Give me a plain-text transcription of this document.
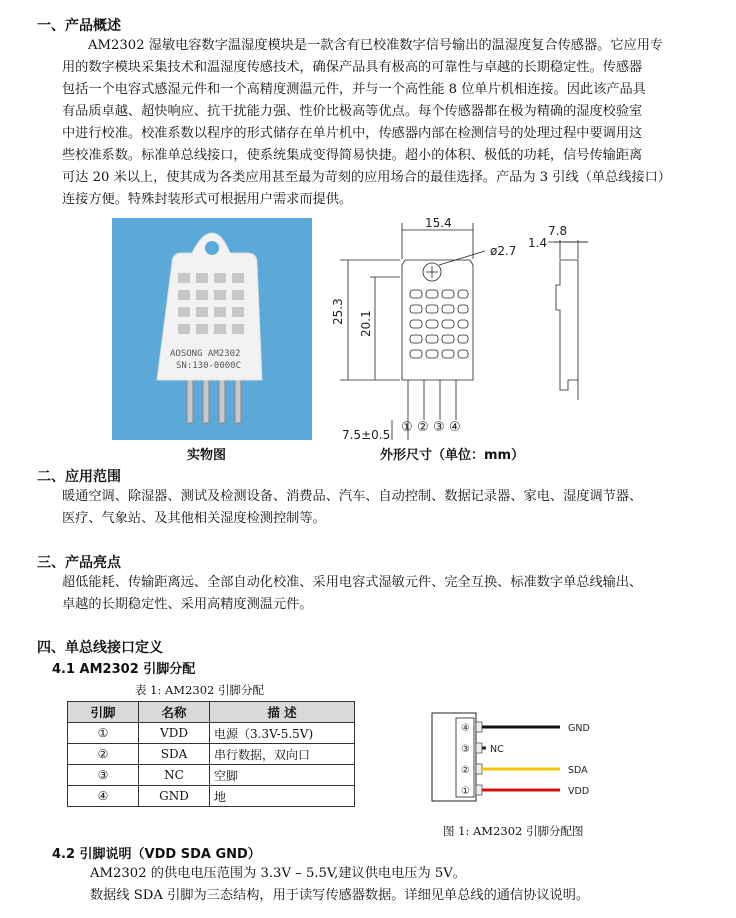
一、产品概述

AM2302 湿敏电容数字温湿度模块是一款含有已校准数字信号输出的温湿度复合传感器。它应用专

用的数字模块采集技术和温湿度传感技术，确保产品具有极高的可靠性与卓越的长期稳定性。传感器

包括一个电容式感湿元件和一个高精度测温元件，并与一个高性能 8 位单片机相连接。因此该产品具

有品质卓越、超快响应、抗干扰能力强、性价比极高等优点。每个传感器都在极为精确的湿度校验室

中进行校准。校准系数以程序的形式储存在单片机中，传感器内部在检测信号的处理过程中要调用这

些校准系数。标准单总线接口，使系统集成变得简易快捷。超小的体积、极低的功耗，信号传输距离

可达 20 米以上，使其成为各类应用甚至最为苛刻的应用场合的最佳选择。产品为 3 引线（单总线接口）

连接方便。特殊封装形式可根据用户需求而提供。

AOSONG AM2302
SN:130-0000C
实物图
15.4
ø2.7
25.3 20.1
7.5±0.5
7.8
1.4
① ② ③ ④
外形尺寸（单位：mm）
二、应用范围

暖通空调、除湿器、测试及检测设备、消费品、汽车、自动控制、数据记录器、家电、湿度调节器、

医疗、气象站、及其他相关湿度检测控制等。

三、产品亮点

超低能耗、传输距离远、全部自动化校准、采用电容式湿敏元件、完全互换、标准数字单总线输出、

卓越的长期稳定性、采用高精度测温元件。

四、单总线接口定义
4.1 AM2302 引脚分配
表 1: AM2302 引脚分配
引脚	名称	描 述
①	VDD	电源（3.3V-5.5V)
②	SDA	串行数据，双向口
③	NC	空脚
④	GND	地
④
③
②
①
GND
NC
SDA
VDD
图 1: AM2302 引脚分配图
4.2 引脚说明（VDD SDA GND）

AM2302 的供电电压范围为 3.3V – 5.5V,建议供电电压为 5V。

数据线 SDA 引脚为三态结构，用于读写传感器数据。详细见单总线的通信协议说明。
